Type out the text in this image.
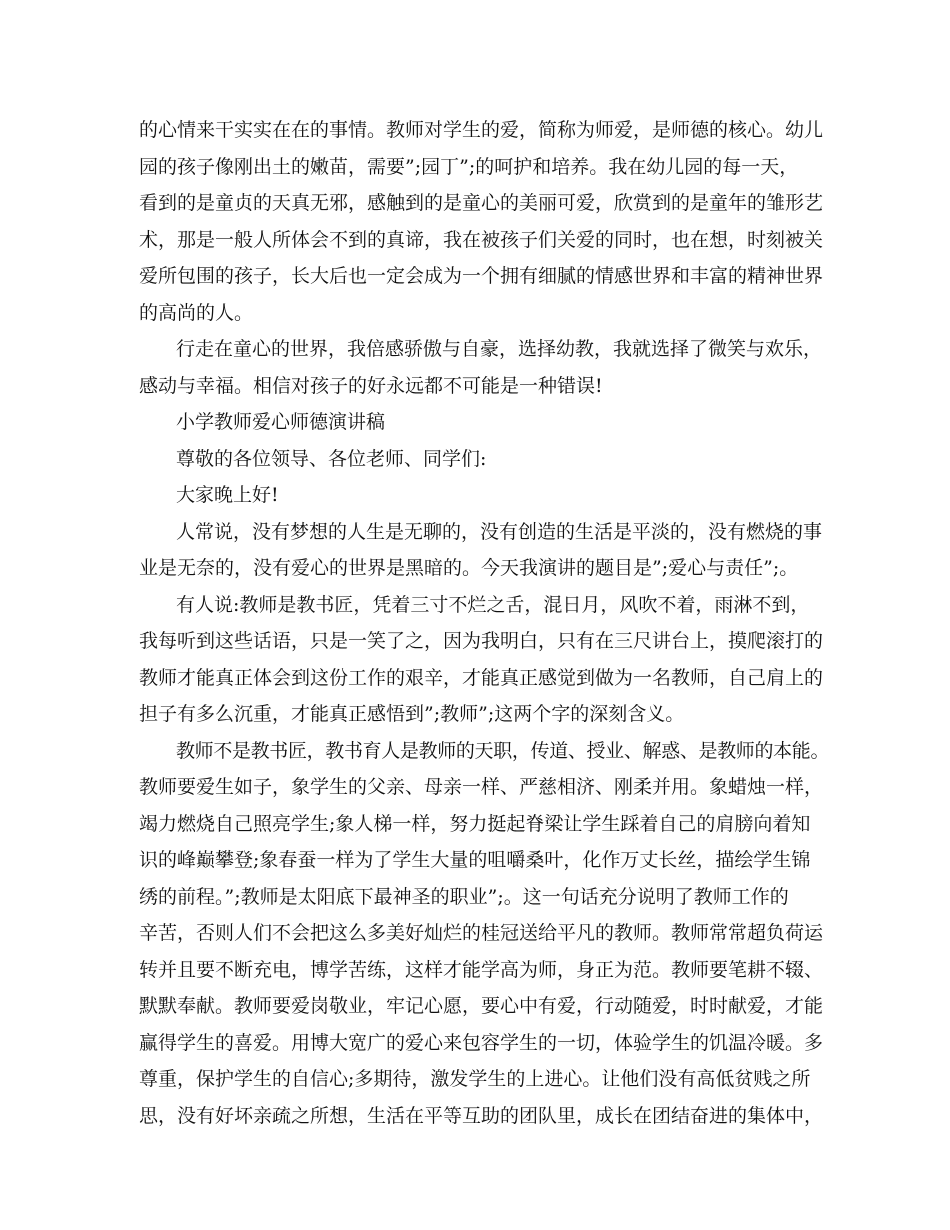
的心情来干实实在在的事情。教师对学生的爱，简称为师爱，是师德的核心。幼儿
园的孩子像刚出土的嫩苗，需要”;园丁”;的呵护和培养。我在幼儿园的每一天，
看到的是童贞的天真无邪，感触到的是童心的美丽可爱，欣赏到的是童年的雏形艺
术，那是一般人所体会不到的真谛，我在被孩子们关爱的同时，也在想，时刻被关
爱所包围的孩子，长大后也一定会成为一个拥有细腻的情感世界和丰富的精神世界
的高尚的人。
行走在童心的世界，我倍感骄傲与自豪，选择幼教，我就选择了微笑与欢乐，
感动与幸福。相信对孩子的好永远都不可能是一种错误!
小学教师爱心师德演讲稿
尊敬的各位领导、各位老师、同学们:
大家晚上好!
人常说，没有梦想的人生是无聊的，没有创造的生活是平淡的，没有燃烧的事
业是无奈的，没有爱心的世界是黑暗的。今天我演讲的题目是”;爱心与责任”;。
有人说:教师是教书匠，凭着三寸不烂之舌，混日月，风吹不着，雨淋不到，
我每听到这些话语，只是一笑了之，因为我明白，只有在三尺讲台上，摸爬滚打的
教师才能真正体会到这份工作的艰辛，才能真正感觉到做为一名教师，自己肩上的
担子有多么沉重，才能真正感悟到”;教师”;这两个字的深刻含义。
教师不是教书匠，教书育人是教师的天职，传道、授业、解惑、是教师的本能。
教师要爱生如子，象学生的父亲、母亲一样、严慈相济、刚柔并用。象蜡烛一样，
竭力燃烧自己照亮学生;象人梯一样，努力挺起脊梁让学生踩着自己的肩膀向着知
识的峰巅攀登;象春蚕一样为了学生大量的咀嚼桑叶，化作万丈长丝，描绘学生锦
绣的前程。”;教师是太阳底下最神圣的职业”;。这一句话充分说明了教师工作的
辛苦，否则人们不会把这么多美好灿烂的桂冠送给平凡的教师。教师常常超负荷运
转并且要不断充电，博学苦练，这样才能学高为师，身正为范。教师要笔耕不辍、
默默奉献。教师要爱岗敬业，牢记心愿，要心中有爱，行动随爱，时时献爱，才能
赢得学生的喜爱。用博大宽广的爱心来包容学生的一切，体验学生的饥温冷暖。多
尊重，保护学生的自信心;多期待，激发学生的上进心。让他们没有高低贫贱之所
思，没有好坏亲疏之所想，生活在平等互助的团队里，成长在团结奋进的集体中，
